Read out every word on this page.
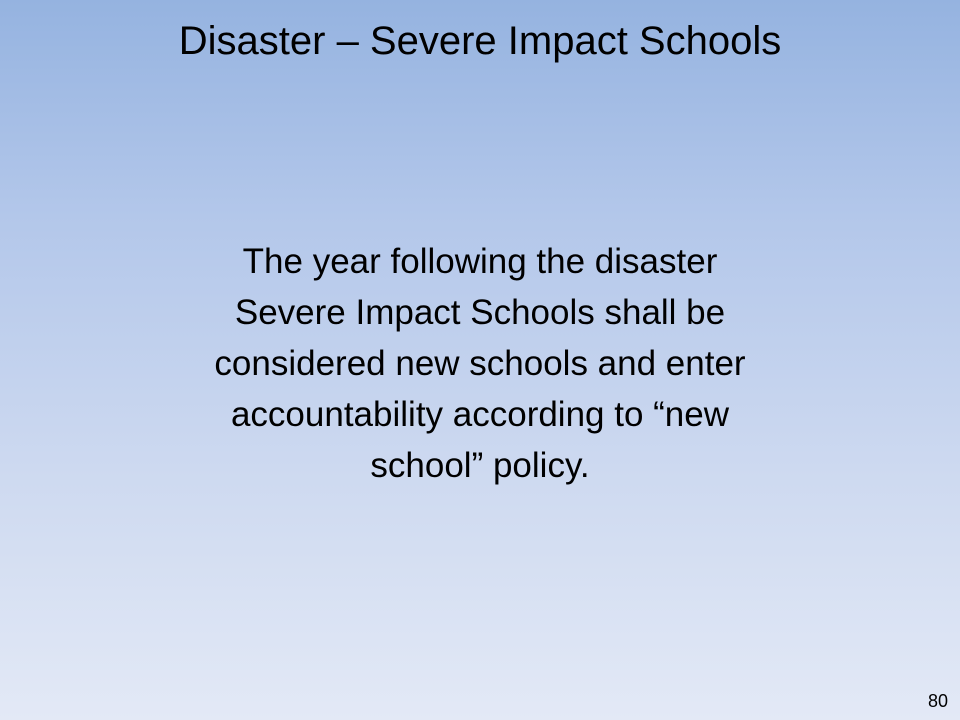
Disaster – Severe Impact Schools

The year following the disaster
Severe Impact Schools shall be
considered new schools and enter
accountability according to “new
school” policy.

80
